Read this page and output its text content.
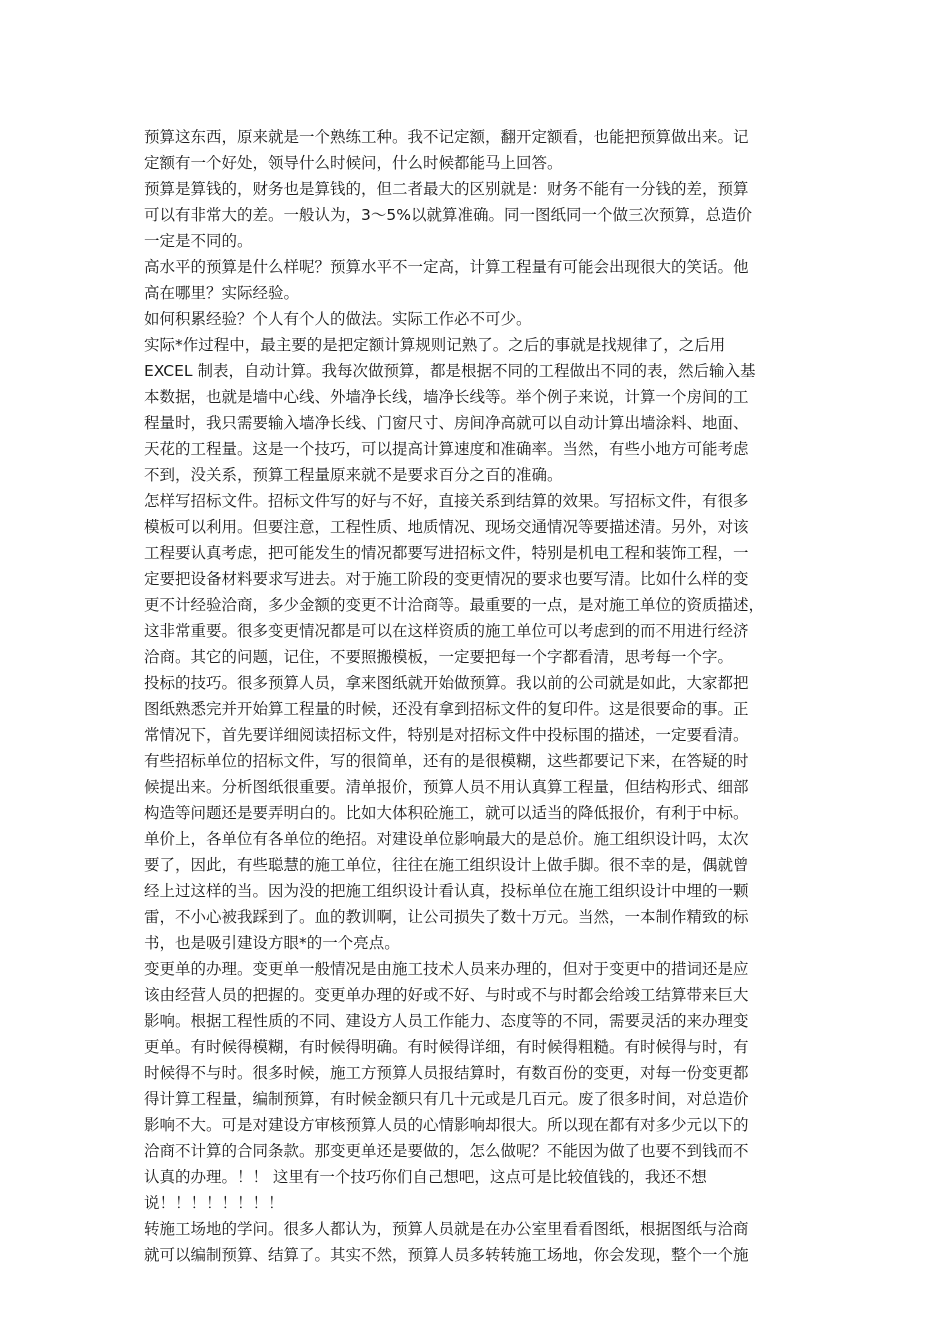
预算这东西，原来就是一个熟练工种。我不记定额，翻开定额看，也能把预算做出来。记
定额有一个好处，领导什么时候问，什么时候都能马上回答。
预算是算钱的，财务也是算钱的，但二者最大的区别就是：财务不能有一分钱的差，预算
可以有非常大的差。一般认为，3～5%以就算准确。同一图纸同一个做三次预算，总造价
一定是不同的。
高水平的预算是什么样呢？预算水平不一定高，计算工程量有可能会出现很大的笑话。他
高在哪里？实际经验。
如何积累经验？个人有个人的做法。实际工作必不可少。
实际*作过程中，最主要的是把定额计算规则记熟了。之后的事就是找规律了，之后用
EXCEL 制表，自动计算。我每次做预算，都是根据不同的工程做出不同的表，然后输入基
本数据，也就是墙中心线、外墙净长线，墙净长线等。举个例子来说，计算一个房间的工
程量时，我只需要输入墙净长线、门窗尺寸、房间净高就可以自动计算出墙涂料、地面、
天花的工程量。这是一个技巧，可以提高计算速度和准确率。当然，有些小地方可能考虑
不到，没关系，预算工程量原来就不是要求百分之百的准确。
怎样写招标文件。招标文件写的好与不好，直接关系到结算的效果。写招标文件，有很多
模板可以利用。但要注意，工程性质、地质情况、现场交通情况等要描述清。另外，对该
工程要认真考虑，把可能发生的情况都要写进招标文件，特别是机电工程和装饰工程，一
定要把设备材料要求写进去。对于施工阶段的变更情况的要求也要写清。比如什么样的变
更不计经验洽商，多少金额的变更不计洽商等。最重要的一点，是对施工单位的资质描述，
这非常重要。很多变更情况都是可以在这样资质的施工单位可以考虑到的而不用进行经济
洽商。其它的问题，记住，不要照搬模板，一定要把每一个字都看清，思考每一个字。
投标的技巧。很多预算人员，拿来图纸就开始做预算。我以前的公司就是如此，大家都把
图纸熟悉完并开始算工程量的时候，还没有拿到招标文件的复印件。这是很要命的事。正
常情况下，首先要详细阅读招标文件，特别是对招标文件中投标围的描述，一定要看清。
有些招标单位的招标文件，写的很简单，还有的是很模糊，这些都要记下来，在答疑的时
候提出来。分析图纸很重要。清单报价，预算人员不用认真算工程量，但结构形式、细部
构造等问题还是要弄明白的。比如大体积砼施工，就可以适当的降低报价，有利于中标。
单价上，各单位有各单位的绝招。对建设单位影响最大的是总价。施工组织设计吗，太次
要了，因此，有些聪慧的施工单位，往往在施工组织设计上做手脚。很不幸的是，偶就曾
经上过这样的当。因为没的把施工组织设计看认真，投标单位在施工组织设计中埋的一颗
雷，不小心被我踩到了。血的教训啊，让公司损失了数十万元。当然，一本制作精致的标
书，也是吸引建设方眼*的一个亮点。
变更单的办理。变更单一般情况是由施工技术人员来办理的，但对于变更中的措词还是应
该由经营人员的把握的。变更单办理的好或不好、与时或不与时都会给竣工结算带来巨大
影响。根据工程性质的不同、建设方人员工作能力、态度等的不同，需要灵活的来办理变
更单。有时候得模糊，有时候得明确。有时候得详细，有时候得粗糙。有时候得与时，有
时候得不与时。很多时候，施工方预算人员报结算时，有数百份的变更，对每一份变更都
得计算工程量，编制预算，有时候金额只有几十元或是几百元。废了很多时间，对总造价
影响不大。可是对建设方审核预算人员的心情影响却很大。所以现在都有对多少元以下的
洽商不计算的合同条款。那变更单还是要做的，怎么做呢？不能因为做了也要不到钱而不
认真的办理。！！ 这里有一个技巧你们自己想吧，这点可是比较值钱的，我还不想
说！！！！！！！！
转施工场地的学问。很多人都认为，预算人员就是在办公室里看看图纸，根据图纸与洽商
就可以编制预算、结算了。其实不然，预算人员多转转施工场地，你会发现，整个一个施
